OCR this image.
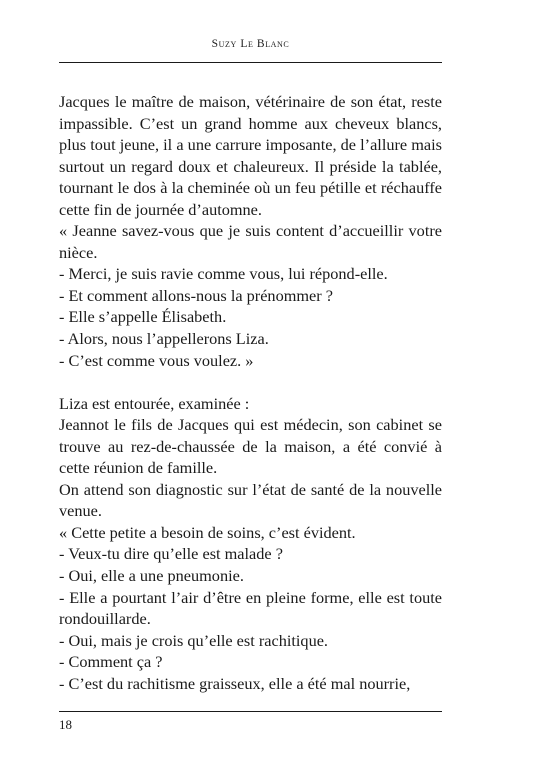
Suzy Le Blanc

Jacques le maître de maison, vétérinaire de son état, reste impassible. C’est un grand homme aux cheveux blancs, plus tout jeune, il a une carrure imposante, de l’allure mais surtout un regard doux et chaleureux. Il préside la tablée, tournant le dos à la cheminée où un feu pétille et réchauffe cette fin de journée d’automne.

« Jeanne savez-vous que je suis content d’accueillir votre nièce.

- Merci, je suis ravie comme vous, lui répond-elle.

- Et comment allons-nous la prénommer ?

- Elle s’appelle Élisabeth.

- Alors, nous l’appellerons Liza.

- C’est comme vous voulez. »

Liza est entourée, examinée :

Jeannot le fils de Jacques qui est médecin, son cabinet se trouve au rez-de-chaussée de la maison, a été convié à cette réunion de famille.

On attend son diagnostic sur l’état de santé de la nouvelle venue.

« Cette petite a besoin de soins, c’est évident.

- Veux-tu dire qu’elle est malade ?

- Oui, elle a une pneumonie.

- Elle a pourtant l’air d’être en pleine forme, elle est toute rondouillarde.

- Oui, mais je crois qu’elle est rachitique.

- Comment ça ?

- C’est du rachitisme graisseux, elle a été mal nourrie,

18
